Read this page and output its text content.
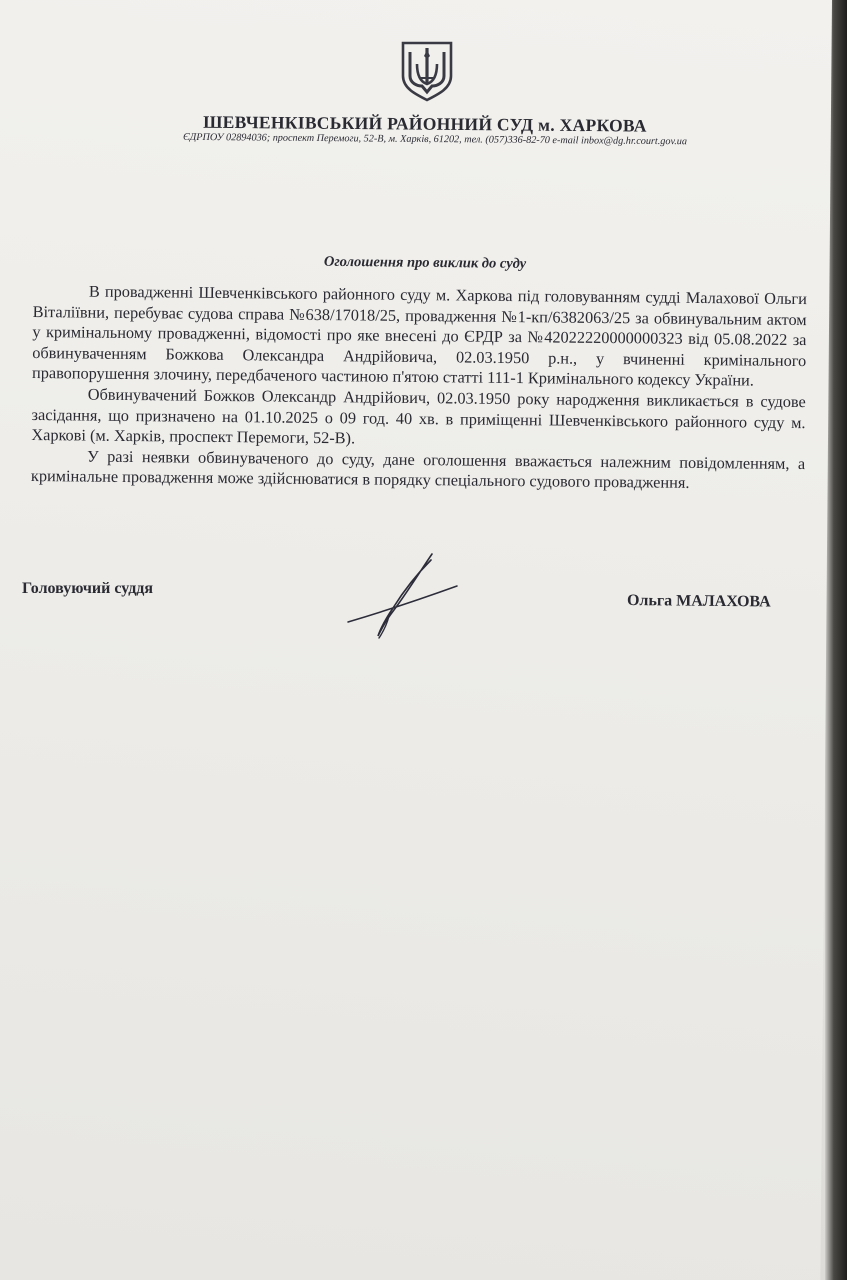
ШЕВЧЕНКІВСЬКИЙ РАЙОННИЙ СУД м. ХАРКОВА
ЄДРПОУ 02894036; проспект Перемоги, 52-В, м. Харків, 61202, тел. (057)336-82-70 e-mail inbox@dg.hr.court.gov.ua
Оголошення про виклик до суду

В провадженні Шевченківського районного суду м. Харкова під головуванням судді Малахової Ольги Віталіївни, перебуває судова справа №638/17018/25, провадження №1-кп/6382063/25 за обвинувальним актом у кримінальному провадженні, відомості про яке внесені до ЄРДР за №42022220000000323 від 05.08.2022 за обвинуваченням Божкова Олександра Андрійовича, 02.03.1950 р.н., у вчиненні кримінального правопорушення злочину, передбаченого частиною п'ятою статті 111-1 Кримінального кодексу України.

Обвинувачений Божков Олександр Андрійович, 02.03.1950 року народження викликається в судове засідання, що призначено на 01.10.2025 о 09 год. 40 хв. в приміщенні Шевченківського районного суду м. Харкові (м. Харків, проспект Перемоги, 52-В).

У разі неявки обвинуваченого до суду, дане оголошення вважається належним повідомленням, а кримінальне провадження може здійснюватися в порядку спеціального судового провадження.

Головуючий суддя
Ольга МАЛАХОВА
